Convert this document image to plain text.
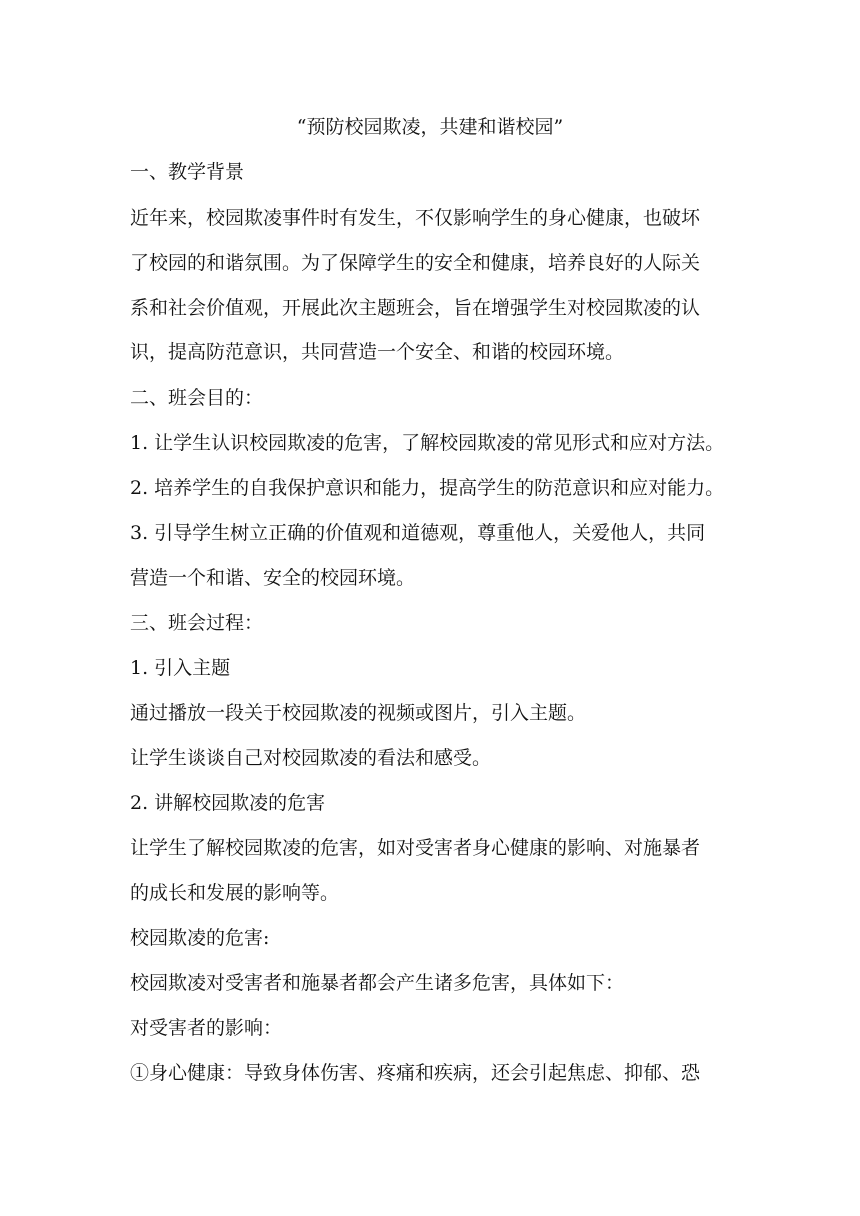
“预防校园欺凌，共建和谐校园”
一、教学背景
近年来，校园欺凌事件时有发生，不仅影响学生的身心健康，也破坏
了校园的和谐氛围。为了保障学生的安全和健康，培养良好的人际关
系和社会价值观，开展此次主题班会，旨在增强学生对校园欺凌的认
识，提高防范意识，共同营造一个安全、和谐的校园环境。
二、班会目的：
1. 让学生认识校园欺凌的危害，了解校园欺凌的常见形式和应对方法。
2. 培养学生的自我保护意识和能力，提高学生的防范意识和应对能力。
3. 引导学生树立正确的价值观和道德观，尊重他人，关爱他人，共同
营造一个和谐、安全的校园环境。
三、班会过程：
1. 引入主题
通过播放一段关于校园欺凌的视频或图片，引入主题。
让学生谈谈自己对校园欺凌的看法和感受。
2. 讲解校园欺凌的危害
让学生了解校园欺凌的危害，如对受害者身心健康的影响、对施暴者
的成长和发展的影响等。
校园欺凌的危害:
校园欺凌对受害者和施暴者都会产生诸多危害，具体如下：
对受害者的影响：
①身心健康：导致身体伤害、疼痛和疾病，还会引起焦虑、抑郁、恐
